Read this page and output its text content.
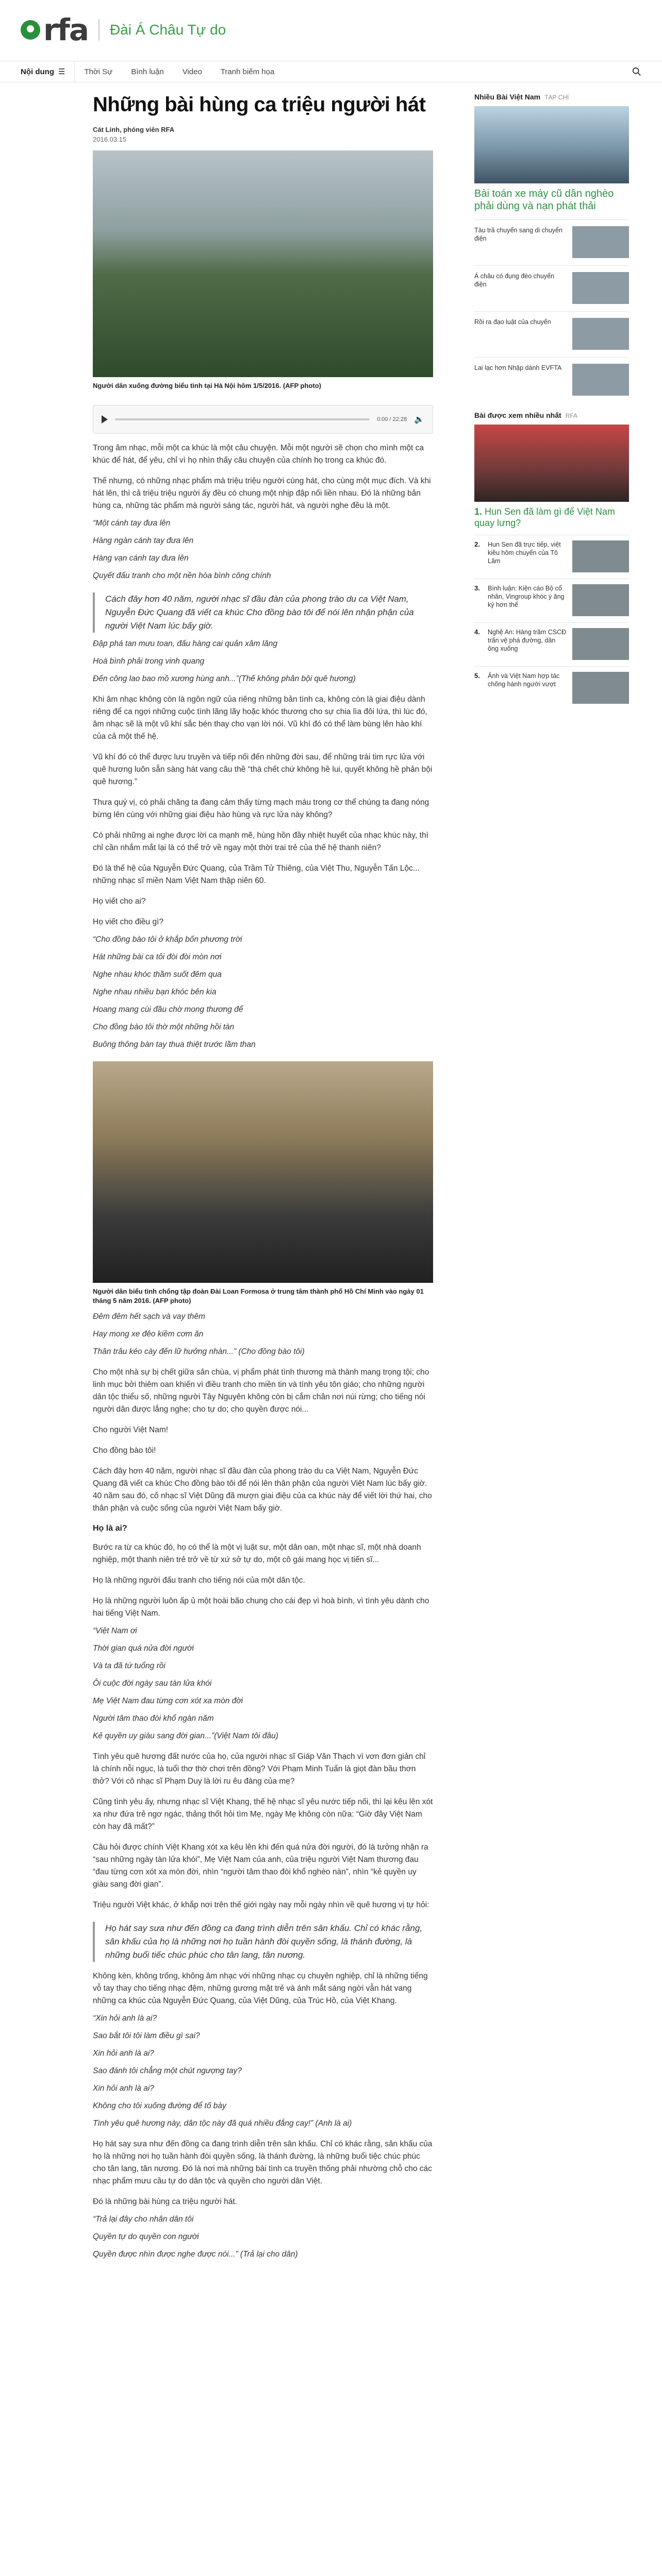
rfa Đài Á Châu Tự do
Nội dung ☰	Thời Sự	Bình luận	Video	Tranh biếm họa
Những bài hùng ca triệu người hát
Cát Linh, phóng viên RFA
2016.03.15
Người dân xuống đường biểu tình tại Hà Nội hôm 1/5/2016. (AFP photo)
0:00 / 22:28 🔈

Trong âm nhạc, mỗi một ca khúc là một câu chuyện. Mỗi một người sẽ chọn cho mình một ca khúc để hát, để yêu, chỉ vì họ nhìn thấy câu chuyện của chính họ trong ca khúc đó.

Thế nhưng, có những nhạc phẩm mà triệu triệu người cùng hát, cho cùng một mục đích. Và khi hát lên, thì cả triệu triệu người ấy đều có chung một nhịp đập nối liền nhau. Đó là những bản hùng ca, những tác phẩm mà người sáng tác, người hát, và người nghe đều là một.

“Một cánh tay đưa lên

Hàng ngàn cánh tay đưa lên

Hàng vạn cánh tay đưa lên

Quyết đấu tranh cho một nền hòa bình công chính

Cách đây hơn 40 năm, người nhạc sĩ đầu đàn của phong trào du ca Việt Nam, Nguyễn Đức Quang đã viết ca khúc Cho đồng bào tôi để nói lên nhận phận của người Việt Nam lúc bấy giờ.

Đập phá tan mưu toan, đấu hàng cai quản xâm lăng

Hoà bình phải trong vinh quang

Đến công lao bao mồ xương hùng anh...”(Thế không phân bội quê hương)

Khi âm nhạc không còn là ngôn ngữ của riêng những bản tình ca, không còn là giai điệu dành riêng để ca ngợi những cuộc tình lãng lãy hoặc khóc thương cho sự chia lìa đôi lứa, thì lúc đó, âm nhạc sẽ là một vũ khí sắc bén thay cho vạn lời nói. Vũ khí đó có thể làm bùng lên hào khí của cả một thế hệ.

Vũ khí đó có thể được lưu truyền và tiếp nối đến những đời sau, để những trái tim rực lửa với quê hương luôn sẵn sàng hát vang câu thề “thà chết chứ không hề lui, quyết không hề phản bội quê hương.”

Thưa quý vị, có phải chăng ta đang cảm thấy từng mạch máu trong cơ thể chúng ta đang nóng bừng lên cùng với những giai điệu hào hùng và rực lửa này không?

Có phải những ai nghe được lời ca mạnh mẽ, hùng hồn đầy nhiệt huyết của nhạc khúc này, thì chỉ cần nhắm mắt lại là có thể trở về ngay một thời trai trẻ của thế hệ thanh niên?

Đó là thế hệ của Nguyễn Đức Quang, của Trầm Tử Thiêng, của Việt Thu, Nguyễn Tấn Lộc... những nhạc sĩ miền Nam Việt Nam thập niên 60.

Họ viết cho ai?

Họ viết cho điều gì?

“Cho đồng bào tôi ở khắp bốn phương trời

Hát những bài ca tôi đòi đòi mòn nơi

Nghe nhau khóc thầm suốt đêm qua

Nghe nhau nhiều bạn khóc bên kia

Hoang mang cùi đầu chờ mong thương để

Cho đồng bào tôi thờ một những hồi tàn

Buông thông bàn tay thua thiệt trước lầm than

Người dân biểu tình chống tập đoàn Đài Loan Formosa ở trung tâm thành phố Hồ Chí Minh vào ngày 01 tháng 5 năm 2016. (AFP photo)

Đêm đêm hết sạch và vay thêm

Hay mong xe đêo kiềm cơm ăn

Thân trâu kéo cày đến lữ hưởng nhàn...” (Cho đồng bào tôi)

Cho một nhà sự bị chết giữa sân chùa, vị phẩm phát tình thương mà thành mang trọng tội; cho linh mục bởi thiêm oan khiến vì điều tranh cho miền tin và tính yêu tôn giáo; cho những người dân tộc thiểu số, những người Tây Nguyên không còn bị cắm chân nơi núi rừng; cho tiếng nói người dân được lắng nghe; cho tự do; cho quyền được nói...

Cho người Việt Nam!

Cho đồng bào tôi!

Cách đây hơn 40 năm, người nhạc sĩ đầu đàn của phong trào du ca Việt Nam, Nguyễn Đức Quang đã viết ca khúc Cho đồng bào tôi để nói lên thân phận của người Việt Nam lúc bấy giờ. 40 năm sau đó, cố nhạc sĩ Việt Dũng đã mượn giai điệu của ca khúc này để viết lời thứ hai, cho thân phận và cuộc sống của người Việt Nam bấy giờ.

Họ là ai?

Bước ra từ ca khúc đó, họ có thể là một vị luật sư, một dân oan, một nhạc sĩ, một nhà doanh nghiệp, một thanh niên trẻ trở về từ xứ sở tự do, một cô gái mang học vị tiến sĩ...

Họ là những người đấu tranh cho tiếng nói của một dân tộc.

Họ là những người luôn ấp ủ một hoài bão chung cho cái đẹp vì hoà bình, vì tình yêu dành cho hai tiếng Việt Nam.

“Việt Nam ơi

Thời gian quá nửa đời người

Và ta đã tứ tuổng rồi

Ôi cuộc đời ngày sau tàn lửa khói

Mẹ Việt Nam đau từng cơn xót xa mòn đời

Người tâm thao đòi khổ ngàn năm

Kẻ quyền uy giàu sang đời gian...”(Việt Nam tôi đâu)

Tình yêu quê hương đất nước của họ, của người nhạc sĩ Giáp Văn Thạch vì vơn đơn giản chỉ là chính nỗi ngục, là tuổi thơ thờ chơi trên đồng? Với Phạm Minh Tuấn là giọt đàn bầu thơn thở? Với cô nhạc sĩ Phạm Duy là lời ru êu đàng của mẹ?

Cũng tình yêu ấy, nhưng nhạc sĩ Việt Khang, thế hệ nhạc sĩ yêu nước tiếp nối, thì lại kêu lên xót xa như đứa trẻ ngơ ngác, thảng thốt hỏi tìm Mẹ, ngày Mẹ không còn nữa: “Giờ đây Việt Nam còn hay đã mất?”

Câu hỏi được chính Việt Khang xót xa kêu lên khi đến quá nửa đời người, đó là tưởng nhận ra “sau những ngày tàn lửa khói”, Mẹ Việt Nam của anh, của triệu người Việt Nam thương đau “đau từng cơn xót xa mòn đời, nhìn “người tâm thao đòi khổ nghèo nàn”, nhìn “kẻ quyền uy giàu sang đời gian”.

Triệu người Việt khác, ở khắp nơi trên thế giới ngày nay mỗi ngày nhìn về quê hương vị tự hỏi:

Họ hát say sưa như đến đồng ca đang trình diễn trên sân khấu. Chỉ có khác rằng, sân khấu của họ là những nơi họ tuần hành đòi quyền sống, là thánh đường, là những buổi tiếc chúc phúc cho tân lang, tân nương.

Không kèn, không trống, không âm nhạc với những nhạc cụ chuyên nghiệp, chỉ là những tiếng vỗ tay thay cho tiếng nhạc đệm, những gương mặt trẻ và ánh mắt sáng ngời vẫn hát vang những ca khúc của Nguyễn Đức Quang, của Việt Dũng, của Trúc Hồ, của Việt Khang.

“Xin hỏi anh là ai?

Sao bắt tôi tôi làm điều gì sai?

Xin hỏi anh là ai?

Sao đánh tôi chẳng một chút ngượng tay?

Xin hỏi anh là ai?

Không cho tôi xuống đường để tố bày

Tình yêu quê hương này, dân tộc này đã quá nhiều đắng cay!” (Anh là ai)

Họ hát say sưa như đến đồng ca đang trình diễn trên sân khấu. Chỉ có khác rằng, sân khấu của họ là những nơi họ tuần hành đòi quyền sống, là thánh đường, là những buổi tiệc chúc phúc cho tân lang, tân nương. Đó là nơi mà những bài tình ca truyền thống phải nhường chỗ cho các nhạc phẩm mưu cầu tự do dân tộc và quyền cho người dân Việt.

Đó là những bài hùng ca triệu người hát.

“Trả lại đây cho nhân dân tôi

Quyền tự do quyền con người

Quyền được nhìn được nghe được nói...” (Trả lại cho dân)

Nhiều Bài Việt Nam TẠP CHÍ
Bài toán xe máy cũ dân nghèo phải dùng và nạn phát thải
Tàu trả chuyển sang di chuyển điện
Á châu có đụng đèo chuyển điện
Rồi ra đạo luật của chuyển
Lai lạc hơn Nhập dành EVFTA
Bài được xem nhiều nhất RFA
1. Hun Sen đã làm gì để Việt Nam quay lưng?
2.	Hun Sen đã trực tiếp, việt kiều hôm chuyển của Tô Lâm
3.	Bình luận: Kiện cáo Bộ cổ nhân, Vingroup khóc ý ăng ký hơn thể
4.	Nghệ An: Hàng trăm CSCĐ trấn vệ phá đường, dân ông xuống
5.	Ảnh và Việt Nam hợp tác chống hành người vượt
